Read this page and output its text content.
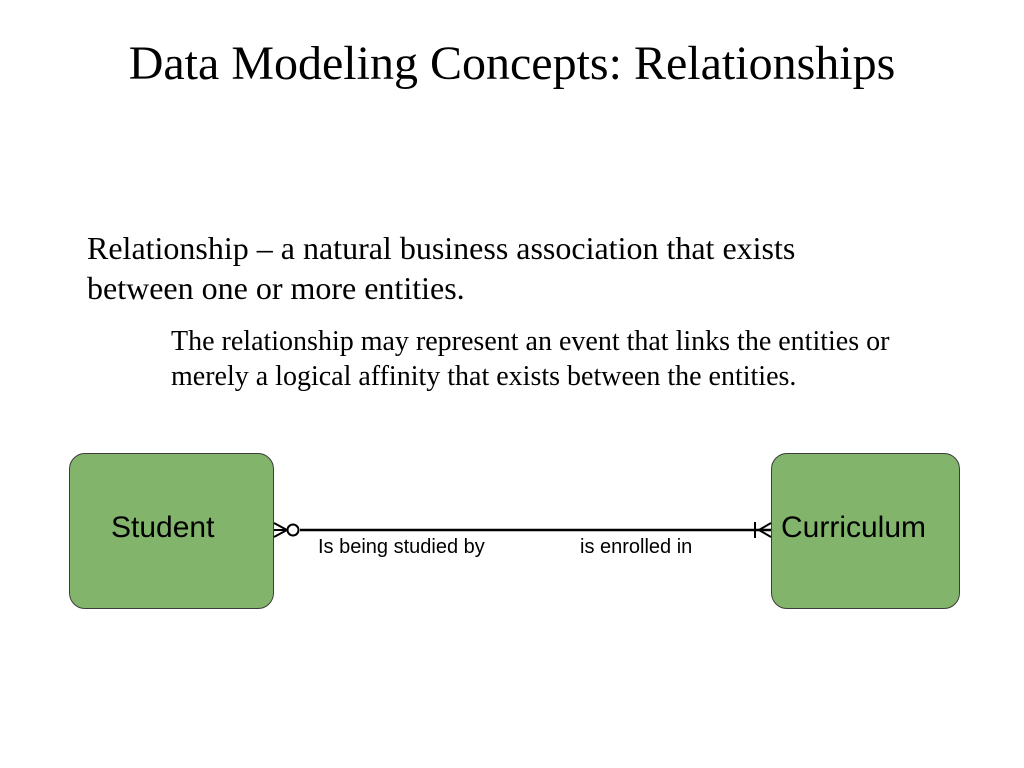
Data Modeling Concepts: Relationships
Relationship – a natural business association that exists between one or more entities.
The relationship may represent an event that links the entities or merely a logical affinity that exists between the entities.
Student	Curriculum
Is being studied by	is enrolled in
